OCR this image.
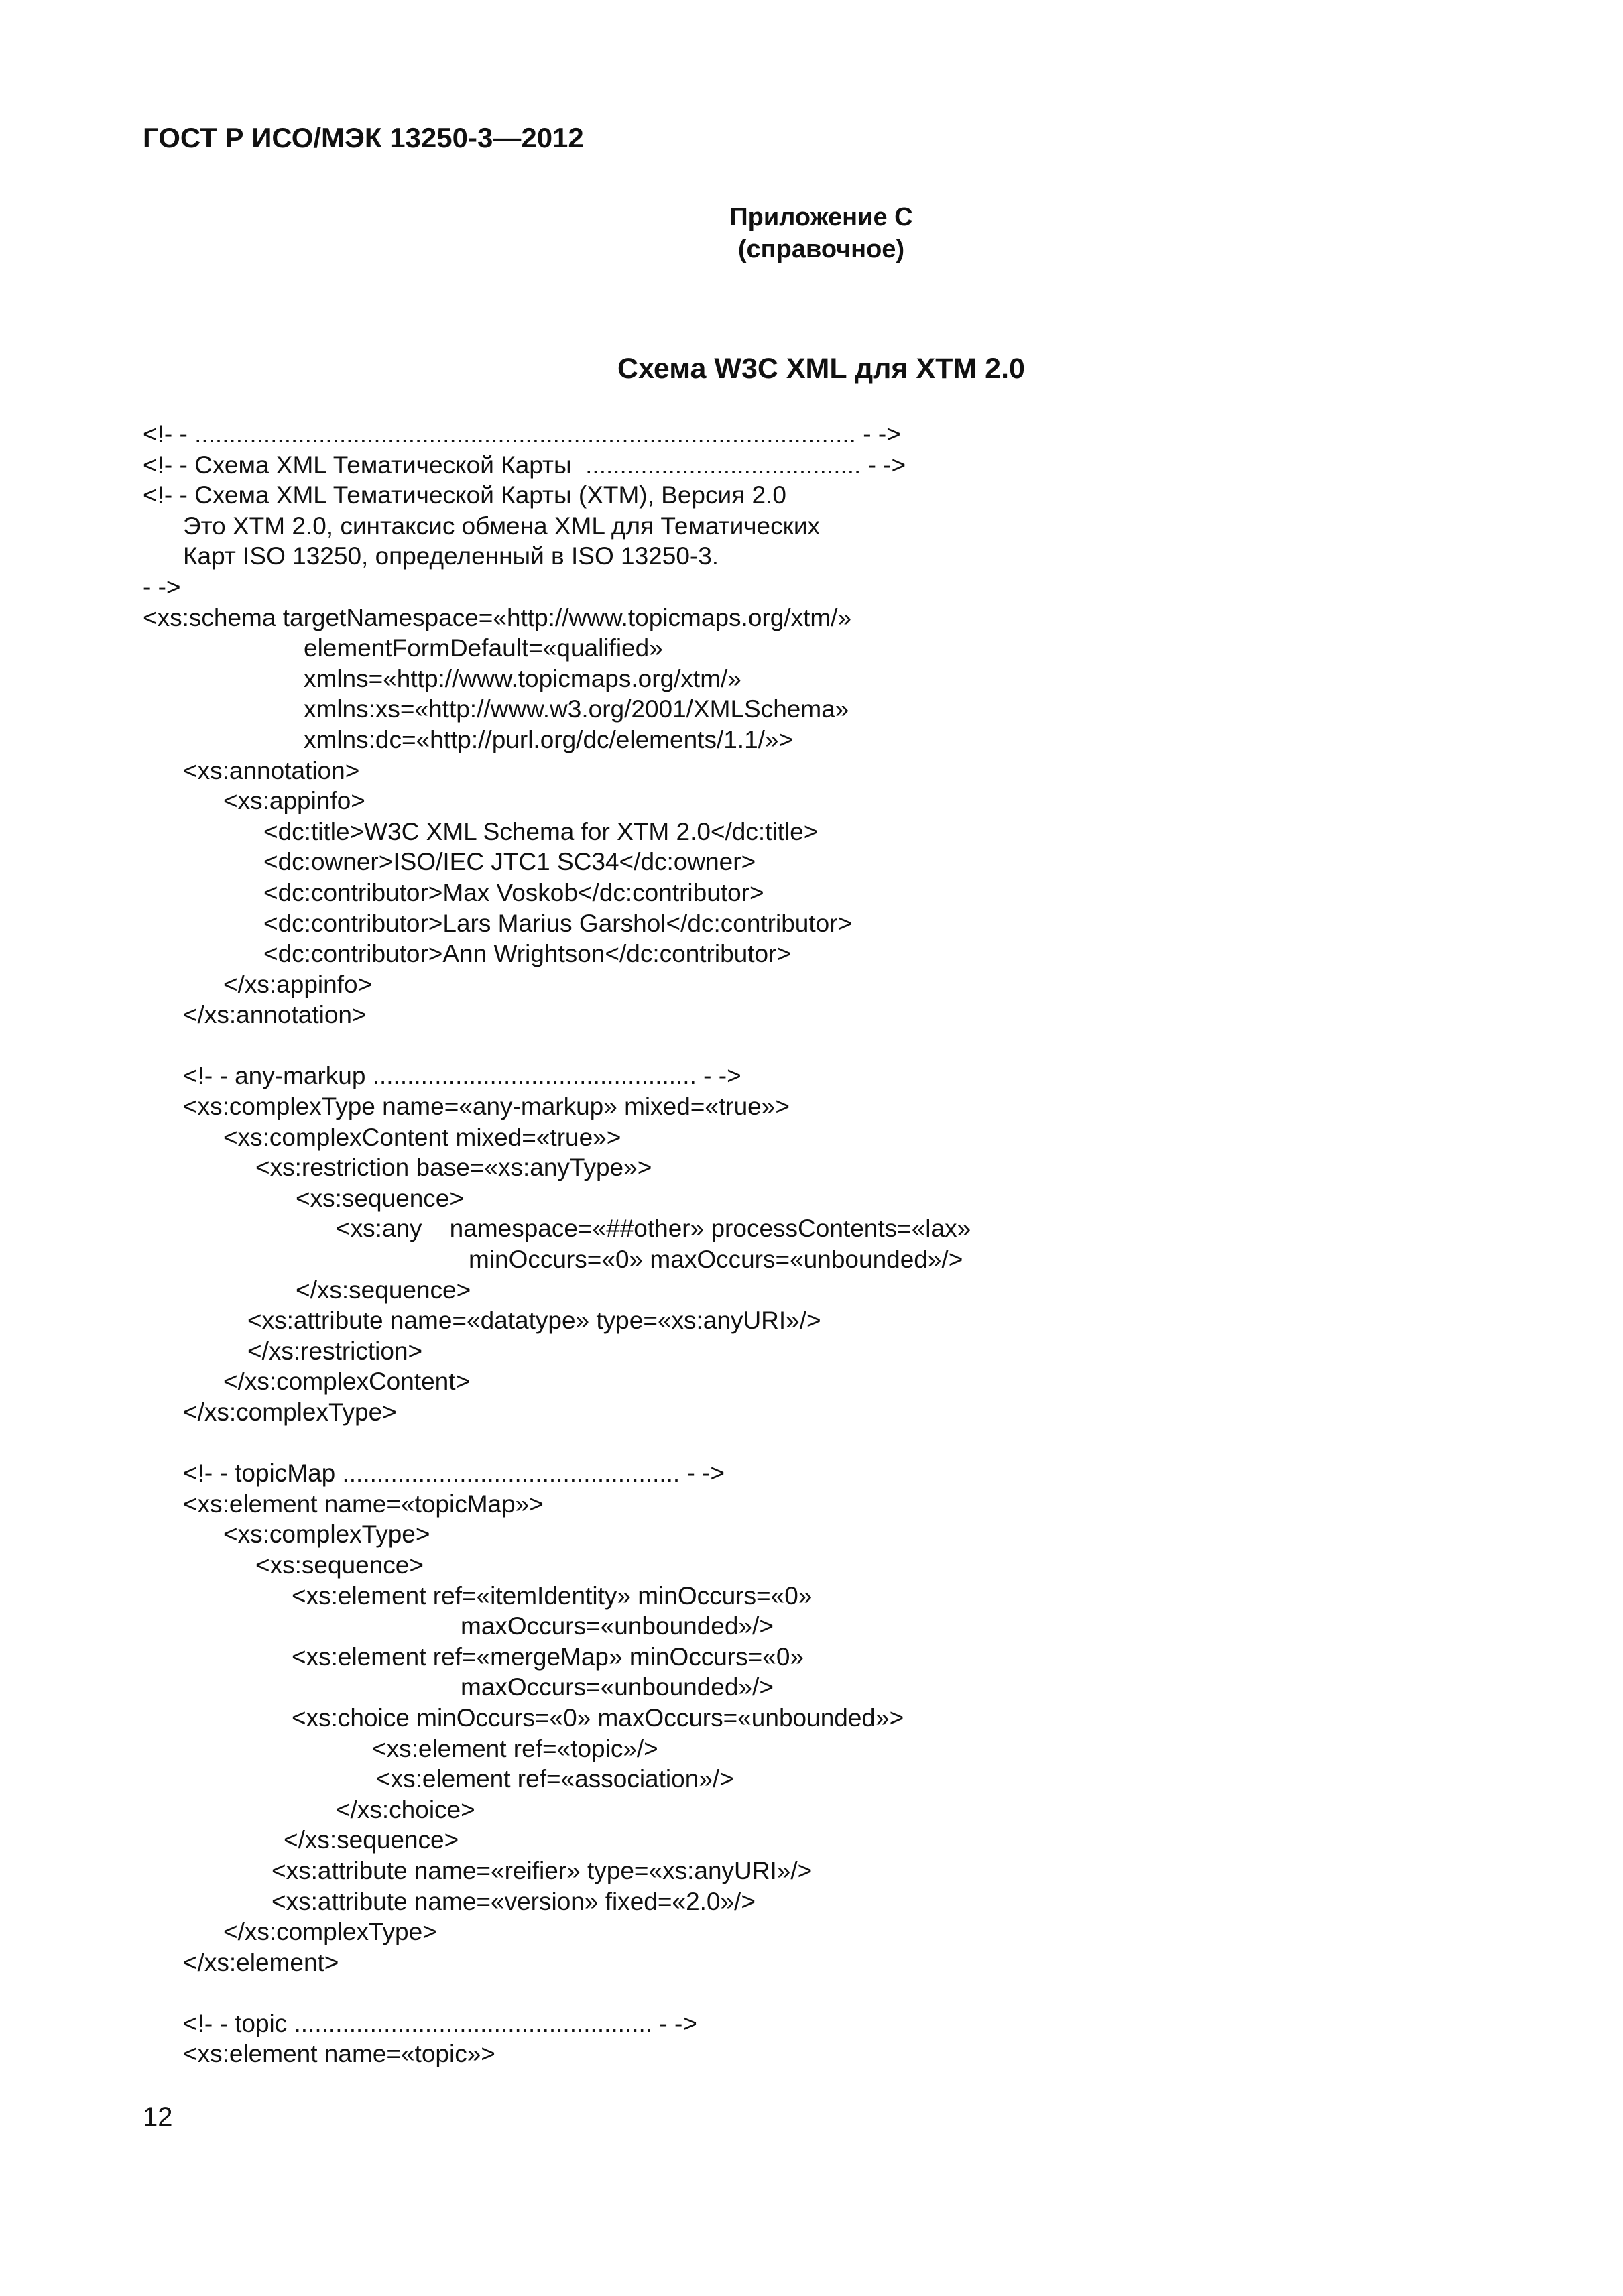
ГОСТ Р ИСО/МЭК 13250-3—2012
Приложение С
(справочное)
Схема W3C XML для XTM 2.0
<!- - ................................................................................................ - ->
<!- - Схема XML Тематической Карты  ........................................ - ->
<!- - Схема XML Тематической Карты (ХТМ), Версия 2.0
Это ХТМ 2.0, синтаксис обмена XML для Тематических
Карт ISO 13250, определенный в ISO 13250-3.
- ->
<xs:schema targetNamespace=«http://www.topicmaps.org/xtm/»
elementFormDefault=«qualified»
xmlns=«http://www.topicmaps.org/xtm/»
xmlns:xs=«http://www.w3.org/2001/XMLSchema»
xmlns:dc=«http://purl.org/dc/elements/1.1/»>
<xs:annotation>
<xs:appinfo>
<dc:title>W3C XML Schema for XTM 2.0</dc:title>
<dc:owner>ISO/IEC JTC1 SC34</dc:owner>
<dc:contributor>Max Voskob</dc:contributor>
<dc:contributor>Lars Marius Garshol</dc:contributor>
<dc:contributor>Ann Wrightson</dc:contributor>
</xs:appinfo>
</xs:annotation>
<!- - any-markup ............................................... - ->
<xs:complexType name=«any-markup» mixed=«true»>
<xs:complexContent mixed=«true»>
<xs:restriction base=«xs:anyType»>
<xs:sequence>
<xs:any    namespace=«##other» processContents=«lax»
minOccurs=«0» maxOccurs=«unbounded»/>
</xs:sequence>
<xs:attribute name=«datatype» type=«xs:anyURI»/>
</xs:restriction>
</xs:complexContent>
</xs:complexType>
<!- - topicMap ................................................. - ->
<xs:element name=«topicMap»>
<xs:complexType>
<xs:sequence>
<xs:element ref=«itemIdentity» minOccurs=«0»
maxOccurs=«unbounded»/>
<xs:element ref=«mergeMap» minOccurs=«0»
maxOccurs=«unbounded»/>
<xs:choice minOccurs=«0» maxOccurs=«unbounded»>
<xs:element ref=«topic»/>
<xs:element ref=«association»/>
</xs:choice>
</xs:sequence>
<xs:attribute name=«reifier» type=«xs:anyURI»/>
<xs:attribute name=«version» fixed=«2.0»/>
</xs:complexType>
</xs:element>
<!- - topic .................................................... - ->
<xs:element name=«topic»>
12
